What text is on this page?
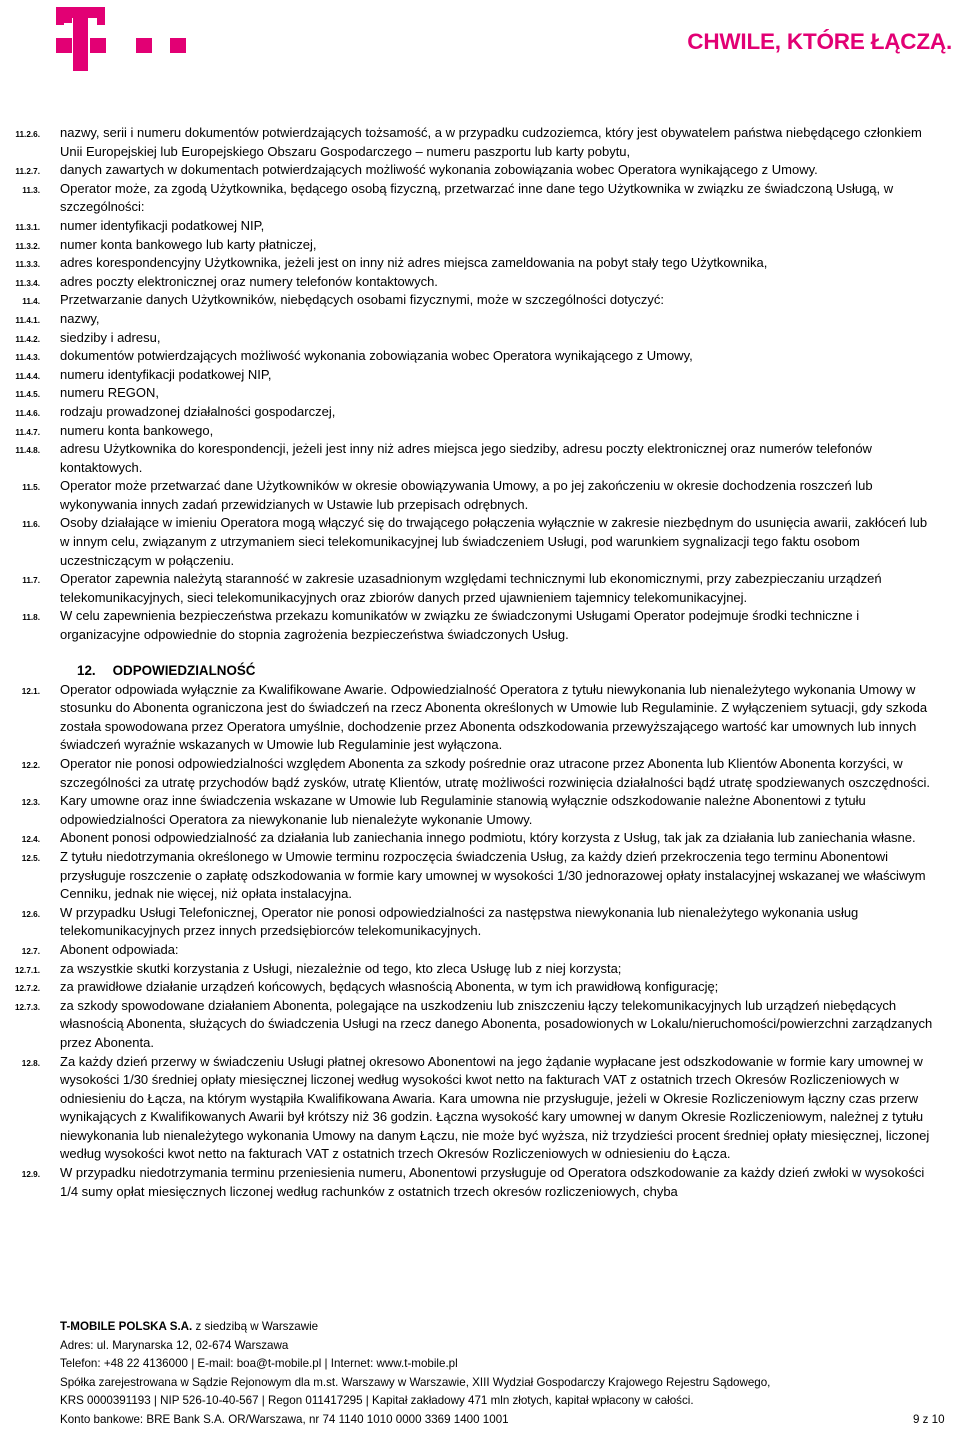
CHWILE, KTÓRE ŁĄCZĄ.
11.2.6. nazwy, serii i numeru dokumentów potwierdzających tożsamość, a w przypadku cudzoziemca, który jest obywatelem państwa niebędącego członkiem Unii Europejskiej lub Europejskiego Obszaru Gospodarczego – numeru paszportu lub karty pobytu,
11.2.7. danych zawartych w dokumentach potwierdzających możliwość wykonania zobowiązania wobec Operatora wynikającego z Umowy.
11.3. Operator może, za zgodą Użytkownika, będącego osobą fizyczną, przetwarzać inne dane tego Użytkownika w związku ze świadczoną Usługą, w szczególności:
11.3.1. numer identyfikacji podatkowej NIP,
11.3.2. numer konta bankowego lub karty płatniczej,
11.3.3. adres korespondencyjny Użytkownika, jeżeli jest on inny niż adres miejsca zameldowania na pobyt stały tego Użytkownika,
11.3.4. adres poczty elektronicznej oraz numery telefonów kontaktowych.
11.4. Przetwarzanie danych Użytkowników, niebędących osobami fizycznymi, może w szczególności dotyczyć:
11.4.1. nazwy,
11.4.2. siedziby i adresu,
11.4.3. dokumentów potwierdzających możliwość wykonania zobowiązania wobec Operatora wynikającego z Umowy,
11.4.4. numeru identyfikacji podatkowej NIP,
11.4.5. numeru REGON,
11.4.6. rodzaju prowadzonej działalności gospodarczej,
11.4.7. numeru konta bankowego,
11.4.8. adresu Użytkownika do korespondencji, jeżeli jest inny niż adres miejsca jego siedziby, adresu poczty elektronicznej oraz numerów telefonów kontaktowych.
11.5. Operator może przetwarzać dane Użytkowników w okresie obowiązywania Umowy, a po jej zakończeniu w okresie dochodzenia roszczeń lub wykonywania innych zadań przewidzianych w Ustawie lub przepisach odrębnych.
11.6. Osoby działające w imieniu Operatora mogą włączyć się do trwającego połączenia wyłącznie w zakresie niezbędnym do usunięcia awarii, zakłóceń lub w innym celu, związanym z utrzymaniem sieci telekomunikacyjnej lub świadczeniem Usługi, pod warunkiem sygnalizacji tego faktu osobom uczestniczącym w połączeniu.
11.7. Operator zapewnia należytą staranność w zakresie uzasadnionym względami technicznymi lub ekonomicznymi, przy zabezpieczaniu urządzeń telekomunikacyjnych, sieci telekomunikacyjnych oraz zbiorów danych przed ujawnieniem tajemnicy telekomunikacyjnej.
11.8. W celu zapewnienia bezpieczeństwa przekazu komunikatów w związku ze świadczonymi Usługami Operator podejmuje środki techniczne i organizacyjne odpowiednie do stopnia zagrożenia bezpieczeństwa świadczonych Usług.
12. ODPOWIEDZIALNOŚĆ
12.1. Operator odpowiada wyłącznie za Kwalifikowane Awarie. Odpowiedzialność Operatora z tytułu niewykonania lub nienależytego wykonania Umowy w stosunku do Abonenta ograniczona jest do świadczeń na rzecz Abonenta określonych w Umowie lub Regulaminie. Z wyłączeniem sytuacji, gdy szkoda została spowodowana przez Operatora umyślnie, dochodzenie przez Abonenta odszkodowania przewyższającego wartość kar umownych lub innych świadczeń wyraźnie wskazanych w Umowie lub Regulaminie jest wyłączona.
12.2. Operator nie ponosi odpowiedzialności względem Abonenta za szkody pośrednie oraz utracone przez Abonenta lub Klientów Abonenta korzyści, w szczególności za utratę przychodów bądź zysków, utratę Klientów, utratę możliwości rozwinięcia działalności bądź utratę spodziewanych oszczędności.
12.3. Kary umowne oraz inne świadczenia wskazane w Umowie lub Regulaminie stanowią wyłącznie odszkodowanie należne Abonentowi z tytułu odpowiedzialności Operatora za niewykonanie lub nienależyte wykonanie Umowy.
12.4. Abonent ponosi odpowiedzialność za działania lub zaniechania innego podmiotu, który korzysta z Usług, tak jak za działania lub zaniechania własne.
12.5. Z tytułu niedotrzymania określonego w Umowie terminu rozpoczęcia świadczenia Usług, za każdy dzień przekroczenia tego terminu Abonentowi przysługuje roszczenie o zapłatę odszkodowania w formie kary umownej w wysokości 1/30 jednorazowej opłaty instalacyjnej wskazanej we właściwym Cenniku, jednak nie więcej, niż opłata instalacyjna.
12.6. W przypadku Usługi Telefonicznej, Operator nie ponosi odpowiedzialności za następstwa niewykonania lub nienależytego wykonania usług telekomunikacyjnych przez innych przedsiębiorców telekomunikacyjnych.
12.7. Abonent odpowiada:
12.7.1. za wszystkie skutki korzystania z Usługi, niezależnie od tego, kto zleca Usługę lub z niej korzysta;
12.7.2. za prawidłowe działanie urządzeń końcowych, będących własnością Abonenta, w tym ich prawidłową konfigurację;
12.7.3. za szkody spowodowane działaniem Abonenta, polegające na uszkodzeniu lub zniszczeniu łączy telekomunikacyjnych lub urządzeń niebędących własnością Abonenta, służących do świadczenia Usługi na rzecz danego Abonenta, posadowionych w Lokalu/nieruchomości/powierzchni zarządzanych przez Abonenta.
12.8. Za każdy dzień przerwy w świadczeniu Usługi płatnej okresowo Abonentowi na jego żądanie wypłacane jest odszkodowanie w formie kary umownej w wysokości 1/30 średniej opłaty miesięcznej liczonej według wysokości kwot netto na fakturach VAT z ostatnich trzech Okresów Rozliczeniowych w odniesieniu do Łącza, na którym wystąpiła Kwalifikowana Awaria. Kara umowna nie przysługuje, jeżeli w Okresie Rozliczeniowym łączny czas przerw wynikających z Kwalifikowanych Awarii był krótszy niż 36 godzin. Łączna wysokość kary umownej w danym Okresie Rozliczeniowym, należnej z tytułu niewykonania lub nienależytego wykonania Umowy na danym Łączu, nie może być wyższa, niż trzydzieści procent średniej opłaty miesięcznej, liczonej według wysokości kwot netto na fakturach VAT z ostatnich trzech Okresów Rozliczeniowych w odniesieniu do Łącza.
12.9. W przypadku niedotrzymania terminu przeniesienia numeru, Abonentowi przysługuje od Operatora odszkodowanie za każdy dzień zwłoki w wysokości 1/4 sumy opłat miesięcznych liczonej według rachunków z ostatnich trzech okresów rozliczeniowych, chyba
T-MOBILE POLSKA S.A. z siedzibą w Warszawie
Adres: ul. Marynarska 12, 02-674 Warszawa
Telefon: +48 22 4136000 | E-mail: boa@t-mobile.pl | Internet: www.t-mobile.pl
Spółka zarejestrowana w Sądzie Rejonowym dla m.st. Warszawy w Warszawie, XIII Wydział Gospodarczy Krajowego Rejestru Sądowego,
KRS 0000391193 | NIP 526-10-40-567 | Regon 011417295 | Kapitał zakładowy 471 mln złotych, kapitał wpłacony w całości.
Konto bankowe: BRE Bank S.A. OR/Warszawa, nr 74 1140 1010 0000 3369 1400 1001	9 z 10
